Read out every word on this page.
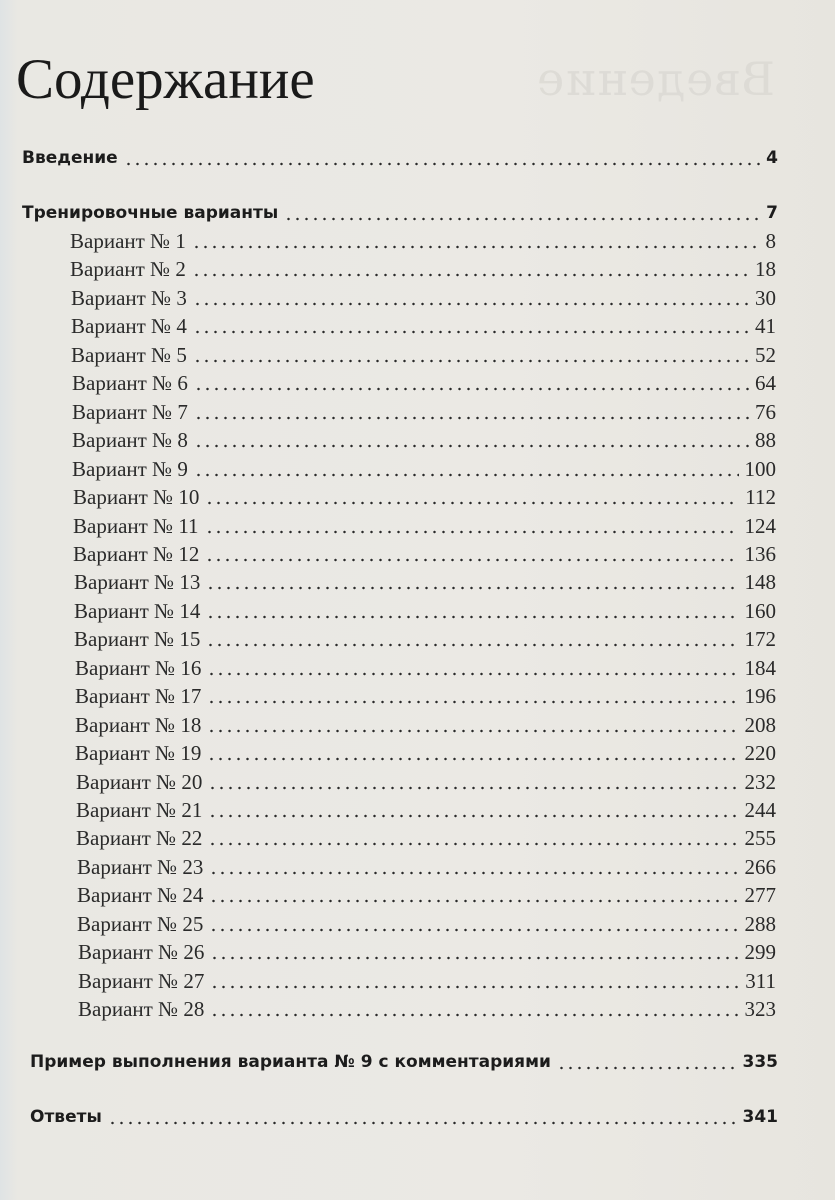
Введение
Содержание
Введение	4
Тренировочные варианты	7
Вариант № 1	8
Вариант № 2	18
Вариант № 3	30
Вариант № 4	41
Вариант № 5	52
Вариант № 6	64
Вариант № 7	76
Вариант № 8	88
Вариант № 9	100
Вариант № 10	112
Вариант № 11	124
Вариант № 12	136
Вариант № 13	148
Вариант № 14	160
Вариант № 15	172
Вариант № 16	184
Вариант № 17	196
Вариант № 18	208
Вариант № 19	220
Вариант № 20	232
Вариант № 21	244
Вариант № 22	255
Вариант № 23	266
Вариант № 24	277
Вариант № 25	288
Вариант № 26	299
Вариант № 27	311
Вариант № 28	323
Пример выполнения варианта № 9 с комментариями	335
Ответы	341
